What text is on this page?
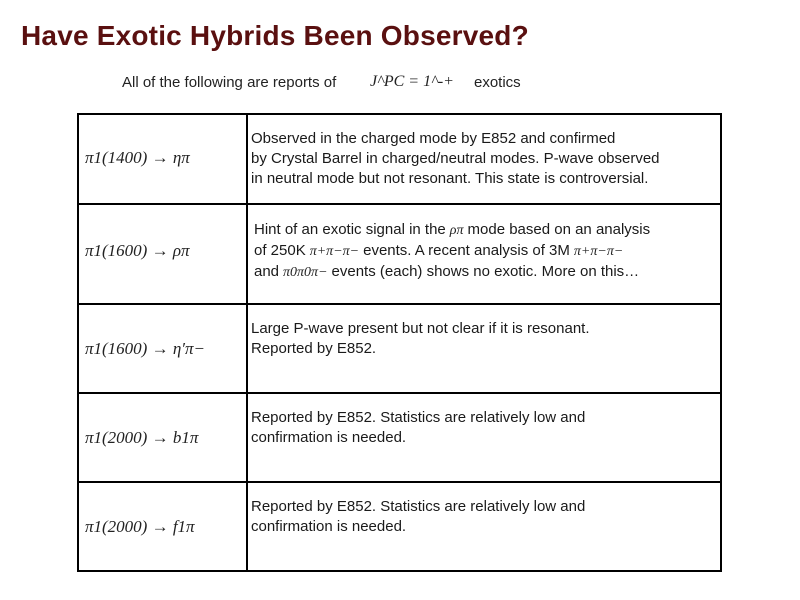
Have Exotic Hybrids Been Observed?
All of the following are reports of J^PC = 1^-+ exotics
π1(1400) → ηπ	Observed in the charged mode by E852 and confirmed
by Crystal Barrel in charged/neutral modes. P-wave observed
in neutral mode but not resonant. This state is controversial.

π1(1600) → ρπ	Hint of an exotic signal in the ρπ mode based on an analysis
of 250K π+π−π− events. A recent analysis of 3M π+π−π−
and π0π0π− events (each) shows no exotic. More on this…

π1(1600) → η′π−	Large P-wave present but not clear if it is resonant.
Reported by E852.

π1(2000) → b1π	Reported by E852. Statistics are relatively low and
confirmation is needed.

π1(2000) → f1π	Reported by E852. Statistics are relatively low and
confirmation is needed.
